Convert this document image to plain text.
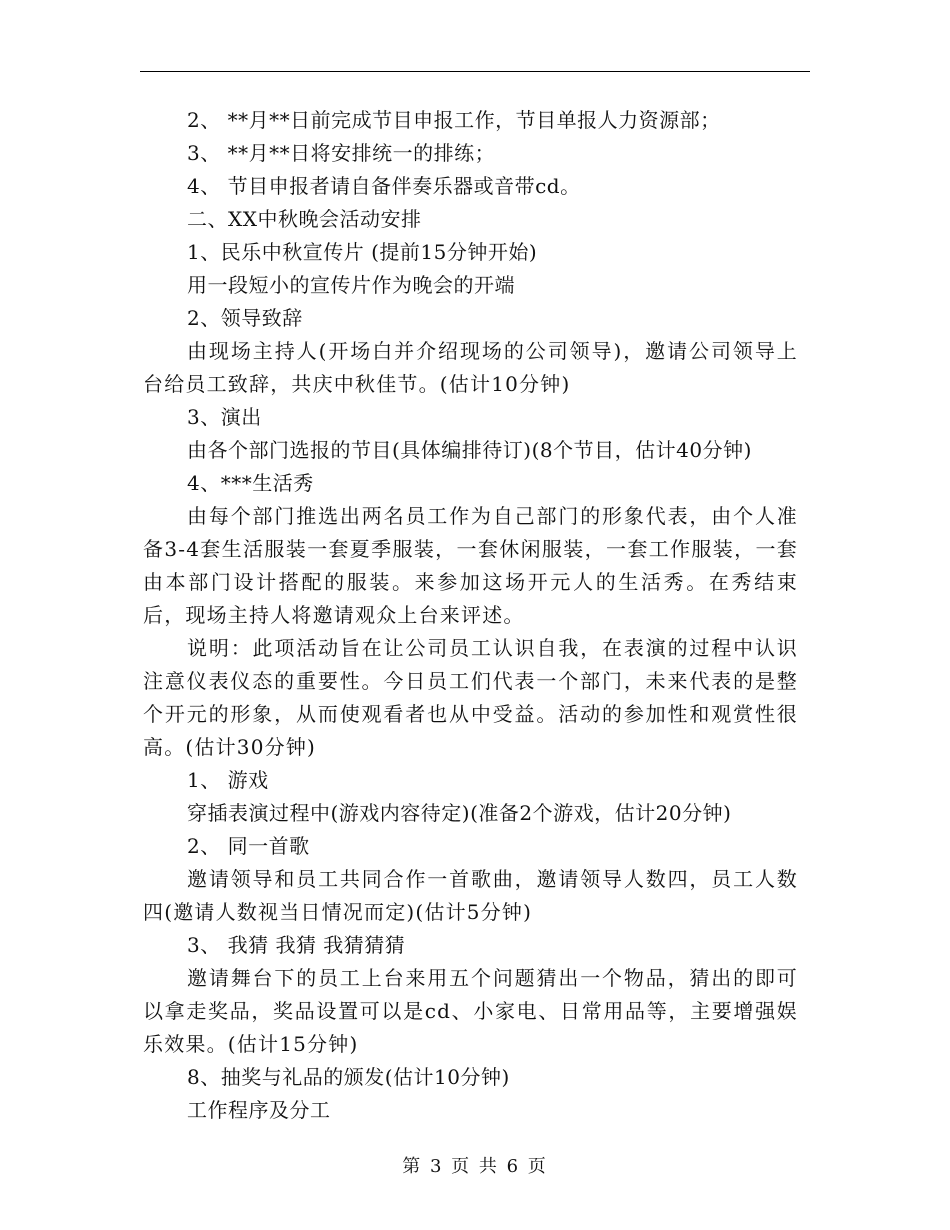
2、 **月**日前完成节目申报工作，节目单报人力资源部；
3、 **月**日将安排统一的排练；
4、 节目申报者请自备伴奏乐器或音带cd。
二、XX中秋晚会活动安排
1、民乐中秋宣传片 (提前15分钟开始)
用一段短小的宣传片作为晚会的开端
2、领导致辞

由现场主持人(开场白并介绍现场的公司领导)，邀请公司领导上台给员工致辞，共庆中秋佳节。(估计10分钟)

3、演出
由各个部门选报的节目(具体编排待订)(8个节目，估计40分钟)
4、***生活秀

由每个部门推选出两名员工作为自己部门的形象代表，由个人准备3-4套生活服装一套夏季服装，一套休闲服装，一套工作服装，一套由本部门设计搭配的服装。来参加这场开元人的生活秀。在秀结束后，现场主持人将邀请观众上台来评述。

说明：此项活动旨在让公司员工认识自我，在表演的过程中认识注意仪表仪态的重要性。今日员工们代表一个部门，未来代表的是整个开元的形象，从而使观看者也从中受益。活动的参加性和观赏性很高。(估计30分钟)

1、 游戏
穿插表演过程中(游戏内容待定)(准备2个游戏，估计20分钟)
2、 同一首歌

邀请领导和员工共同合作一首歌曲，邀请领导人数四，员工人数四(邀请人数视当日情况而定)(估计5分钟)

3、 我猜 我猜 我猜猜猜

邀请舞台下的员工上台来用五个问题猜出一个物品，猜出的即可以拿走奖品，奖品设置可以是cd、小家电、日常用品等，主要增强娱乐效果。(估计15分钟)

8、抽奖与礼品的颁发(估计10分钟)
工作程序及分工
第 3 页 共 6 页
